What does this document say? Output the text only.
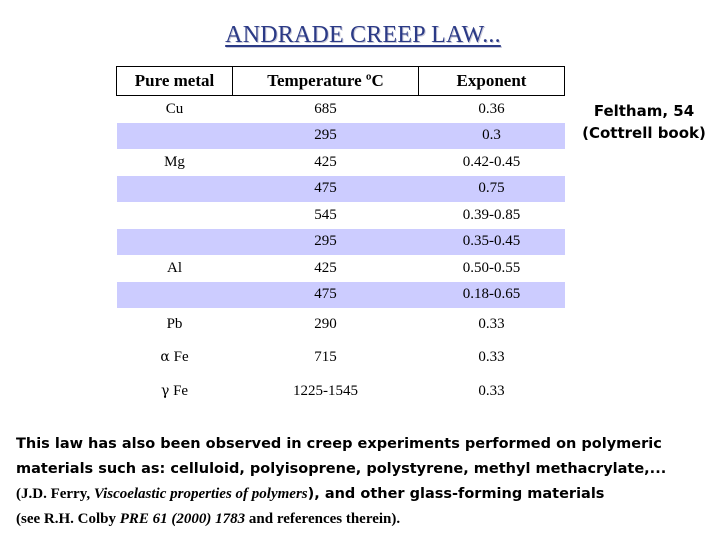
ANDRADE CREEP LAW...
Pure metal	Temperature ºC	Exponent
Cu	685	0.36
	295	0.3
Mg	425	0.42-0.45
	475	0.75
	545	0.39-0.85
	295	0.35-0.45
Al	425	0.50-0.55
	475	0.18-0.65
Pb	290	0.33
α Fe	715	0.33
γ Fe	1225-1545	0.33
Feltham, 54
(Cottrell book)
This law has also been observed in creep experiments performed on polymeric materials such as: celluloid, polyisoprene, polystyrene, methyl methacrylate,...
(J.D. Ferry, Viscoelastic properties of polymers), and other glass-forming materials
(see R.H. Colby PRE 61 (2000) 1783 and references therein).
